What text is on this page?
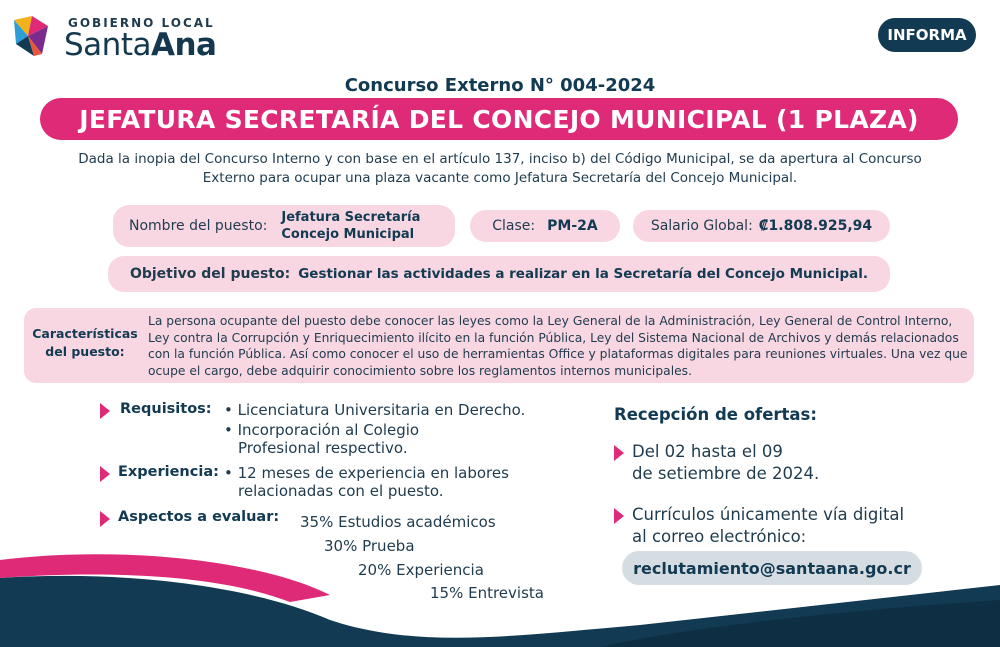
GOBIERNO LOCAL
SantaAna	INFORMA
Concurso Externo N° 004-2024
JEFATURA SECRETARÍA DEL CONCEJO MUNICIPAL (1 PLAZA)
Dada la inopia del Concurso Interno y con base en el artículo 137, inciso b) del Código Municipal, se da apertura al Concurso Externo para ocupar una plaza vacante como Jefatura Secretaría del Concejo Municipal.
Nombre del puesto:
Jefatura Secretaría
Concejo Municipal
Clase: PM-2A	Salario Global: ₡1.808.925,94
Objetivo del puesto: Gestionar las actividades a realizar en la Secretaría del Concejo Municipal.
Características
del puesto:
La persona ocupante del puesto debe conocer las leyes como la Ley General de la Administración, Ley General de Control Interno, Ley contra la Corrupción y Enriquecimiento ilícito en la función Pública, Ley del Sistema Nacional de Archivos y demás relacionados con la función Pública. Así como conocer el uso de herramientas Office y plataformas digitales para reuniones virtuales. Una vez que ocupe el cargo, debe adquirir conocimiento sobre los reglamentos internos municipales.
Requisitos: • Licenciatura Universitaria en Derecho.
• Incorporación al Colegio
Profesional respectivo.
Experiencia: • 12 meses de experiencia en labores
relacionadas con el puesto.
Aspectos a evaluar: 35% Estudios académicos
30% Prueba
20% Experiencia
15% Entrevista
Recepción de ofertas:
Del 02 hasta el 09
de setiembre de 2024.
Currículos únicamente vía digital
al correo electrónico:
reclutamiento@santaana.go.cr
